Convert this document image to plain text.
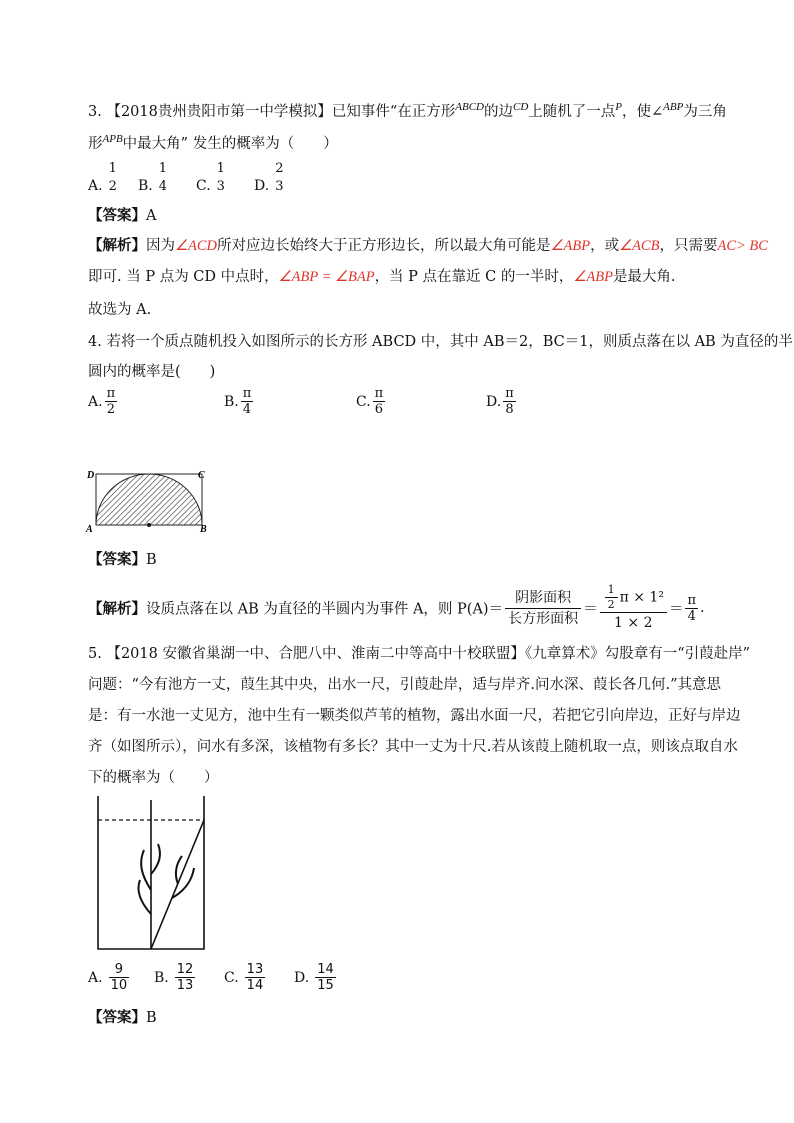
3. 【2018贵州贵阳市第一中学模拟】已知事件“在正方形$^{ABCD}$的边$^{CD}$上随机了一点$^P$，使∠$^{ABP}$为三角
形$^{APB}$中最大角” 发生的概率为（　　）
A.
1
2 B.
1
4 C.
1
3 D.
2
3
【答案】A
【解析】因为∠ACD所对应边长始终大于正方形边长，所以最大角可能是∠ABP，或∠ACB，只需要AC> BC
即可. 当 P 点为 CD 中点时，∠ABP = ∠BAP，当 P 点在靠近 C 的一半时，∠ABP是最大角.
故选为 A.
4. 若将一个质点随机投入如图所示的长方形 ABCD 中，其中 AB＝2，BC＝1，则质点落在以 AB 为直径的半
圆内的概率是(　　)
A. $\frac{\pi}{2}$	B. $\frac{\pi}{4}$	C. $\frac{\pi}{6}$	D. $\frac{\pi}{8}$
D	C
A	B
【答案】B
【解析】设质点落在以 AB 为直径的半圆内为事件 A，则 P(A)＝
阴影面积
长方形面积
＝ $\frac{\frac{1}{2} \pi \times 1^2}{1 \times 2} = \frac{\pi}{4}$ .
5. 【2018 安徽省巢湖一中、合肥八中、淮南二中等高中十校联盟】《九章算术》勾股章有一“引葭赴岸”
问题：“今有池方一丈，葭生其中央，出水一尺，引葭赴岸，适与岸齐.问水深、葭长各几何.”其意思
是：有一水池一丈见方，池中生有一颗类似芦苇的植物，露出水面一尺，若把它引向岸边，正好与岸边
齐（如图所示），问水有多深，该植物有多长？其中一丈为十尺.若从该葭上随机取一点，则该点取自水
下的概率为（　　）
A. $\frac{9}{10} B$. $\frac{12}{13} C$. $\frac{13}{14} D$. $\frac{14}{15}$
【答案】B
